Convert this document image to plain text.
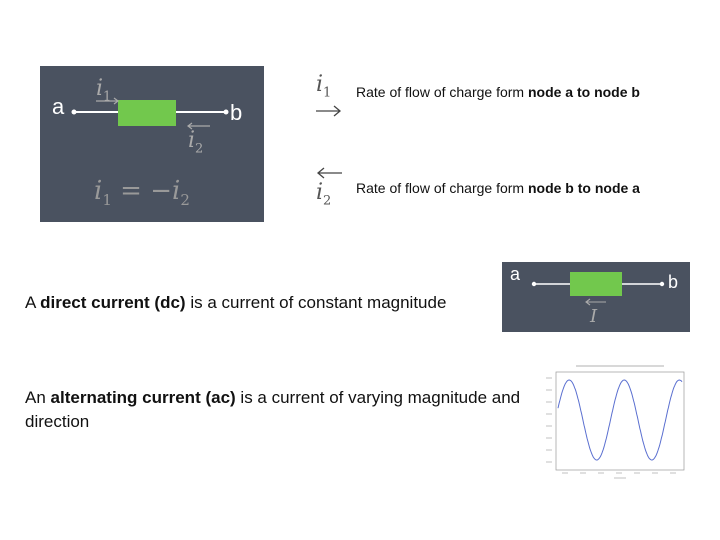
a	b
$i_1$
$i_2$
$i_1 = -i_2$
$i_1$ Rate of flow of charge form node a to node b
$i_2$
Rate of flow of charge form node b to node a
A direct current (dc) is a current of constant magnitude
a	b
I
An alternating current (ac) is a current of varying magnitude and direction
